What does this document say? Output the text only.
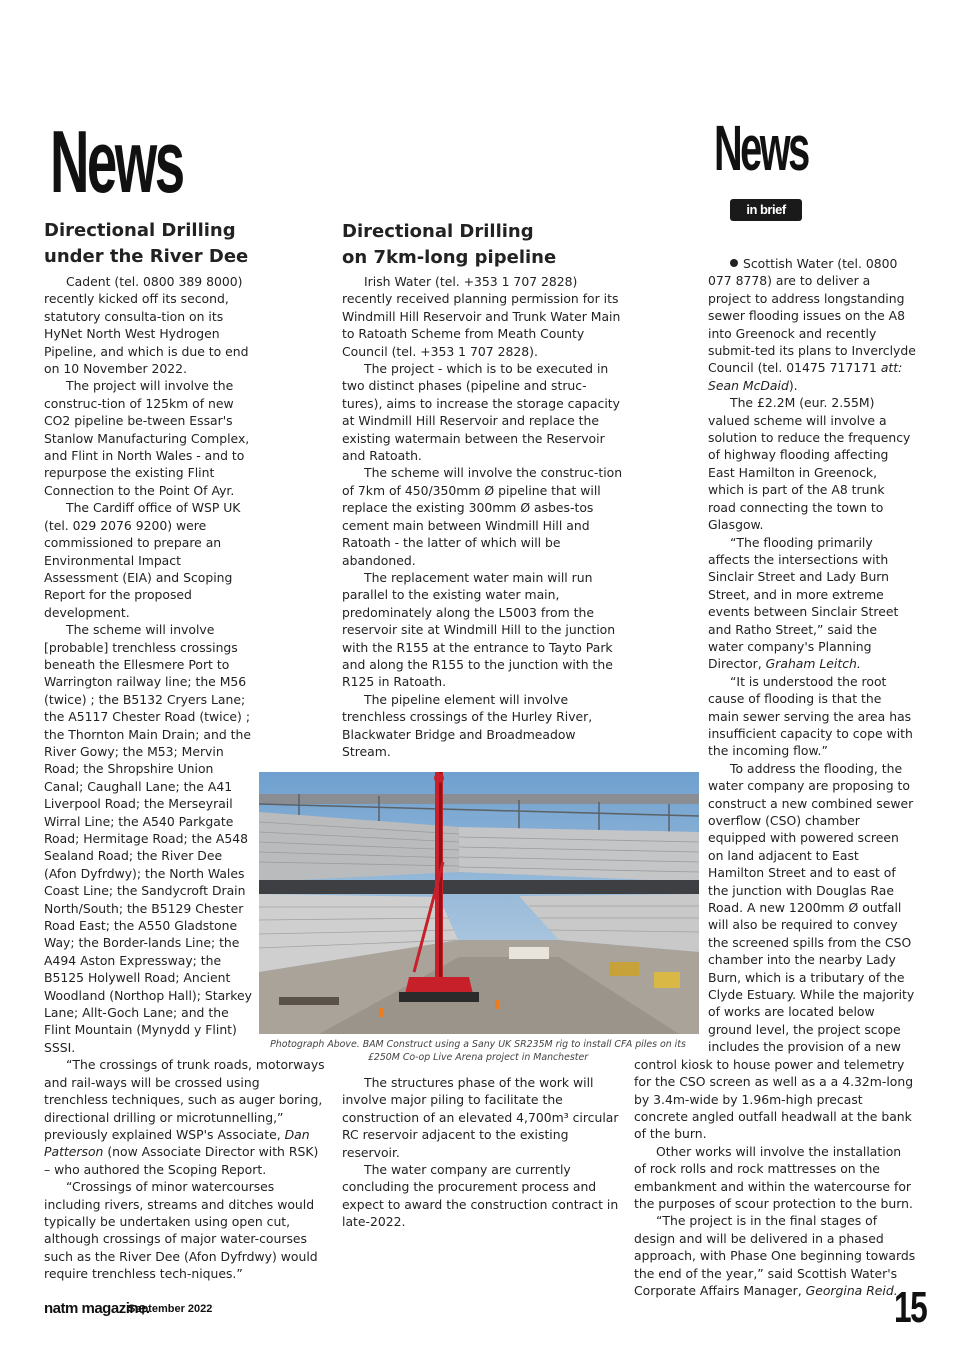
News	News
in brief
Directional Drilling
under the River Dee
Directional Drilling
on 7km-long pipeline

Cadent (tel. 0800 389 8000) recently kicked off its second, statutory consulta-tion on its HyNet North West Hydrogen Pipeline, and which is due to end on 10 November 2022.

The project will involve the construc-tion of 125km of new CO2 pipeline be-tween Essar's Stanlow Manufacturing Complex, and Flint in North Wales - and to repurpose the existing Flint Connection to the Point Of Ayr.

The Cardiff office of WSP UK (tel. 029 2076 9200) were commissioned to prepare an Environmental Impact Assessment (EIA) and Scoping Report for the proposed development.

The scheme will involve [probable] trenchless crossings beneath the Ellesmere Port to Warrington railway line; the M56 (twice) ; the B5132 Cryers Lane; the A5117 Chester Road (twice) ; the Thornton Main Drain; and the River Gowy; the M53; Mervin Road; the Shropshire Union Canal; Caughall Lane; the A41 Liverpool Road; the Merseyrail Wirral Line; the A540 Parkgate Road; Hermitage Road; the A548 Sealand Road; the River Dee (Afon Dyfrdwy); the North Wales Coast Line; the Sandycroft Drain North/South; the B5129 Chester Road East; the A550 Gladstone Way; the Border-lands Line; the A494 Aston Expressway; the B5125 Holywell Road; Ancient Woodland (Northop Hall); Starkey Lane; Allt-Goch Lane; and the Flint Mountain (Mynydd y Flint) SSSI.

“The crossings of trunk roads, motorways and rail-ways will be crossed using trenchless techniques, such as auger boring, directional drilling or microtunnelling,” previously explained WSP's Associate, Dan Patterson (now Associate Director with RSK) – who authored the Scoping Report.

“Crossings of minor watercourses including rivers, streams and ditches would typically be undertaken using open cut, although crossings of major water-courses such as the River Dee (Afon Dyfrdwy) would require trenchless tech-niques.”

Irish Water (tel. +353 1 707 2828) recently received planning permission for its Windmill Hill Reservoir and Trunk Water Main to Ratoath Scheme from Meath County Council (tel. +353 1 707 2828).

The project - which is to be executed in two distinct phases (pipeline and struc-tures), aims to increase the storage capacity at Windmill Hill Reservoir and replace the existing watermain between the Reservoir and Ratoath.

The scheme will involve the construc-tion of 7km of 450/350mm Ø pipeline that will replace the existing 300mm Ø asbes-tos cement main between Windmill Hill and Ratoath - the latter of which will be abandoned.

The replacement water main will run parallel to the existing water main, predominately along the L5003 from the reservoir site at Windmill Hill to the junction with the R155 at the entrance to Tayto Park and along the R155 to the junction with the R125 in Ratoath.

The pipeline element will involve trenchless crossings of the Hurley River, Blackwater Bridge and Broadmeadow Stream.

The structures phase of the work will involve major piling to facilitate the construction of an elevated 4,700m³ circular RC reservoir adjacent to the existing reservoir.

The water company are currently concluding the procurement process and expect to award the construction contract in late-2022.

Scottish Water (tel. 0800 077 8778) are to deliver a project to address longstanding sewer flooding issues on the A8 into Greenock and recently submit-ted its plans to Inverclyde Council (tel. 01475 717171 att: Sean McDaid).

The £2.2M (eur. 2.55M) valued scheme will involve a solution to reduce the frequency of highway flooding affecting East Hamilton in Greenock, which is part of the A8 trunk road connecting the town to Glasgow.

“The flooding primarily affects the intersections with Sinclair Street and Lady Burn Street, and in more extreme events between Sinclair Street and Ratho Street,” said the water company's Planning Director, Graham Leitch.

“It is understood the root cause of flooding is that the main sewer serving the area has insufficient capacity to cope with the incoming flow.”

To address the flooding, the water company are proposing to construct a new combined sewer overflow (CSO) chamber equipped with powered screen on land adjacent to East Hamilton Street and to east of the junction with Douglas Rae Road. A new 1200mm Ø outfall will also be required to convey the screened spills from the CSO chamber into the nearby Lady Burn, which is a tributary of the Clyde Estuary. While the majority of works are located below ground level, the project scope includes the provision of a new control kiosk to house power and telemetry for the CSO screen as well as a a 4.32m-long by 3.4m-wide by 1.96m-high precast concrete angled outfall headwall at the bank of the burn.

Other works will involve the installation of rock rolls and rock mattresses on the embankment and within the watercourse for the purposes of scour protection to the burn.

“The project is in the final stages of design and will be delivered in a phased approach, with Phase One beginning towards the end of the year,” said Scottish Water's Corporate Affairs Manager, Georgina Reid.

Photograph Above. BAM Construct using a Sany UK SR235M rig to install CFA piles on its £250M Co-op Live Arena project in Manchester
natm magazine.
September 2022	15
